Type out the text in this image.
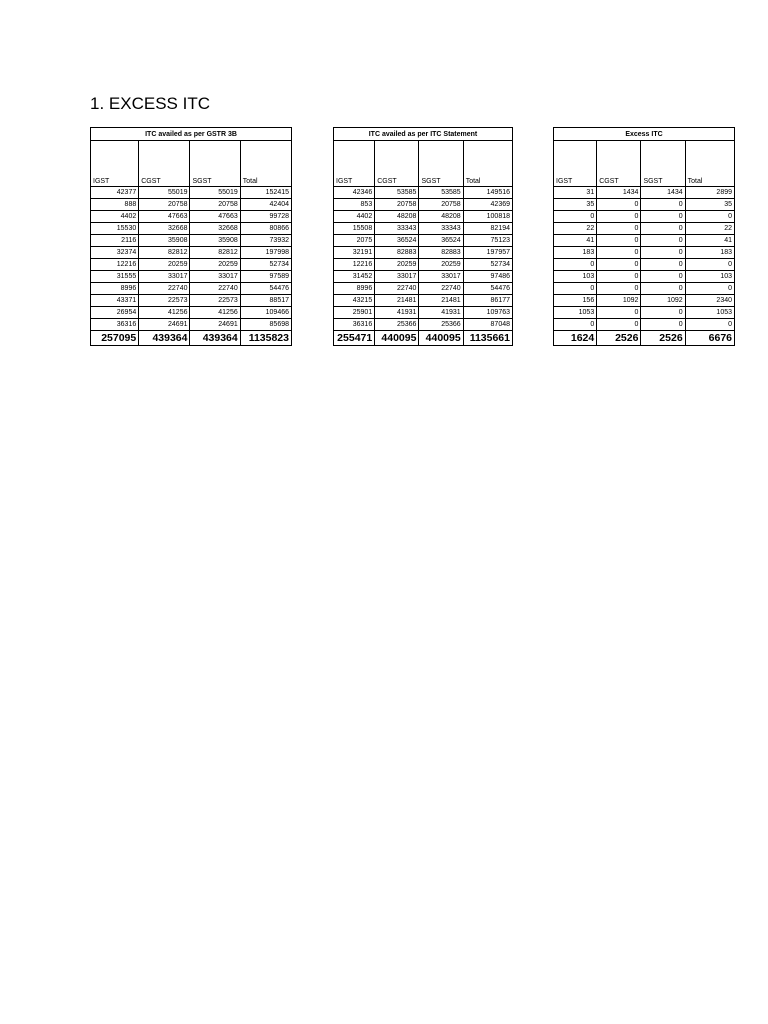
1. EXCESS ITC
ITC availed as per GSTR 3B			
IGST	CGST	SGST	Total
42377	55019	55019	152415
888	20758	20758	42404
4402	47663	47663	99728
15530	32668	32668	80866
2116	35908	35908	73932
32374	82812	82812	197998
12216	20259	20259	52734
31555	33017	33017	97589
8996	22740	22740	54476
43371	22573	22573	88517
26954	41256	41256	109466
36316	24691	24691	85698
257095	439364	439364	1135823
ITC availed as per ITC Statement			
IGST	CGST	SGST	Total
42346	53585	53585	149516
853	20758	20758	42369
4402	48208	48208	100818
15508	33343	33343	82194
2075	36524	36524	75123
32191	82883	82883	197957
12216	20259	20259	52734
31452	33017	33017	97486
8996	22740	22740	54476
43215	21481	21481	86177
25901	41931	41931	109763
36316	25366	25366	87048
255471	440095	440095	1135661
Excess ITC			
IGST	CGST	SGST	Total
31	1434	1434	2899
35	0	0	35
0	0	0	0
22	0	0	22
41	0	0	41
183	0	0	183
0	0	0	0
103	0	0	103
0	0	0	0
156	1092	1092	2340
1053	0	0	1053
0	0	0	0
1624	2526	2526	6676
